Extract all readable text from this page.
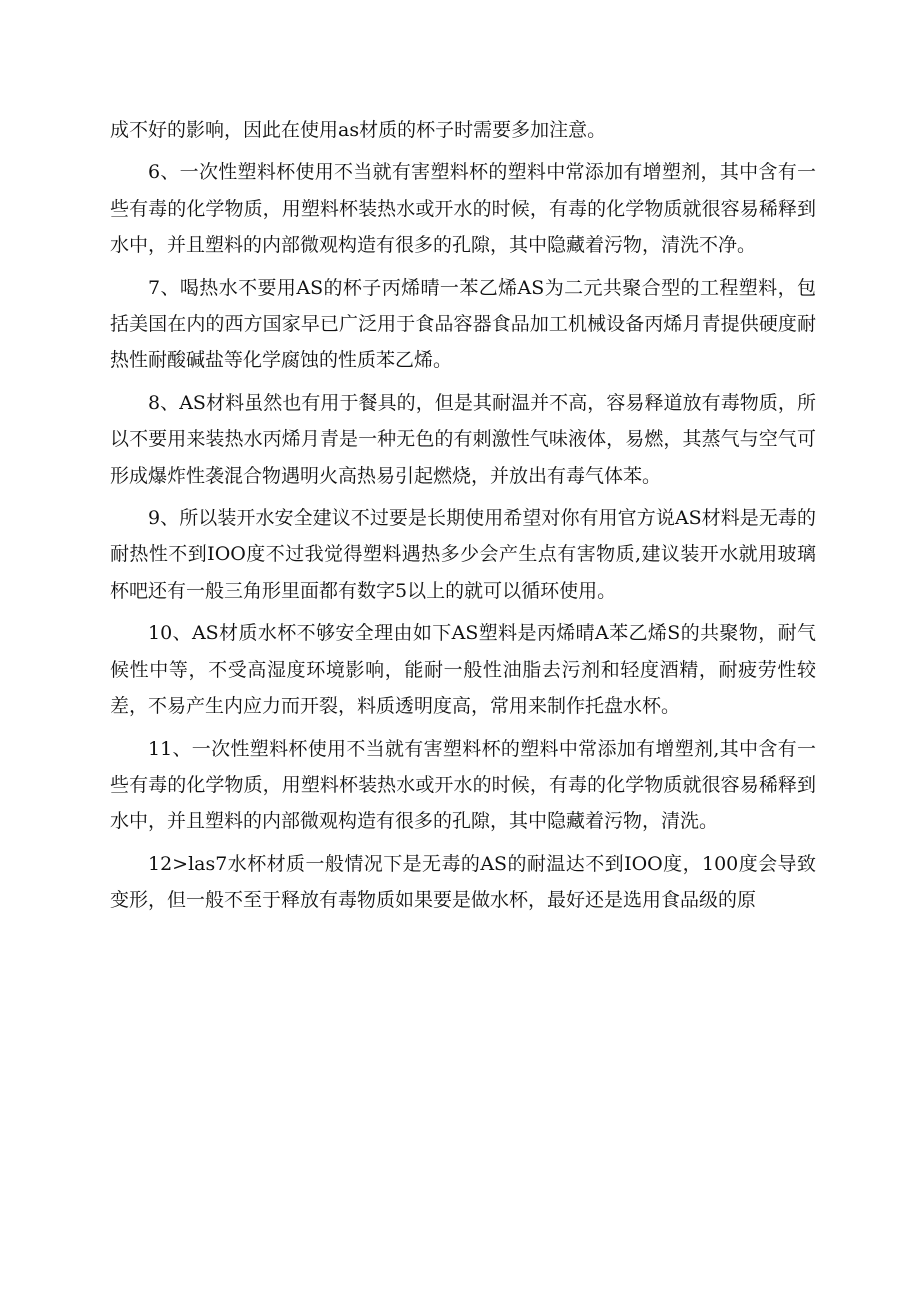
成不好的影响，因此在使用as材质的杯子时需要多加注意。

6、一次性塑料杯使用不当就有害塑料杯的塑料中常添加有增塑剂，其中含有一些有毒的化学物质，用塑料杯装热水或开水的时候，有毒的化学物质就很容易稀释到水中，并且塑料的内部微观构造有很多的孔隙，其中隐藏着污物，清洗不净。

7、喝热水不要用AS的杯子丙烯晴一苯乙烯AS为二元共聚合型的工程塑料，包括美国在内的西方国家早已广泛用于食品容器食品加工机械设备丙烯月青提供硬度耐热性耐酸碱盐等化学腐蚀的性质苯乙烯。

8、AS材料虽然也有用于餐具的，但是其耐温并不高，容易释道放有毒物质，所以不要用来装热水丙烯月青是一种无色的有刺激性气味液体，易燃，其蒸气与空气可形成爆炸性袭混合物遇明火高热易引起燃烧，并放出有毒气体苯。

9、所以装开水安全建议不过要是长期使用希望对你有用官方说AS材料是无毒的耐热性不到IOO度不过我觉得塑料遇热多少会产生点有害物质,建议装开水就用玻璃杯吧还有一般三角形里面都有数字5以上的就可以循环使用。

10、AS材质水杯不够安全理由如下AS塑料是丙烯晴A苯乙烯S的共聚物，耐气候性中等，不受高湿度环境影响，能耐一般性油脂去污剂和轻度酒精，耐疲劳性较差，不易产生内应力而开裂，料质透明度高，常用来制作托盘水杯。

11、一次性塑料杯使用不当就有害塑料杯的塑料中常添加有增塑剂,其中含有一些有毒的化学物质，用塑料杯装热水或开水的时候，有毒的化学物质就很容易稀释到水中，并且塑料的内部微观构造有很多的孔隙，其中隐藏着污物，清洗。

12>las7水杯材质一般情况下是无毒的AS的耐温达不到IOO度，100度会导致变形，但一般不至于释放有毒物质如果要是做水杯，最好还是选用食品级的原
